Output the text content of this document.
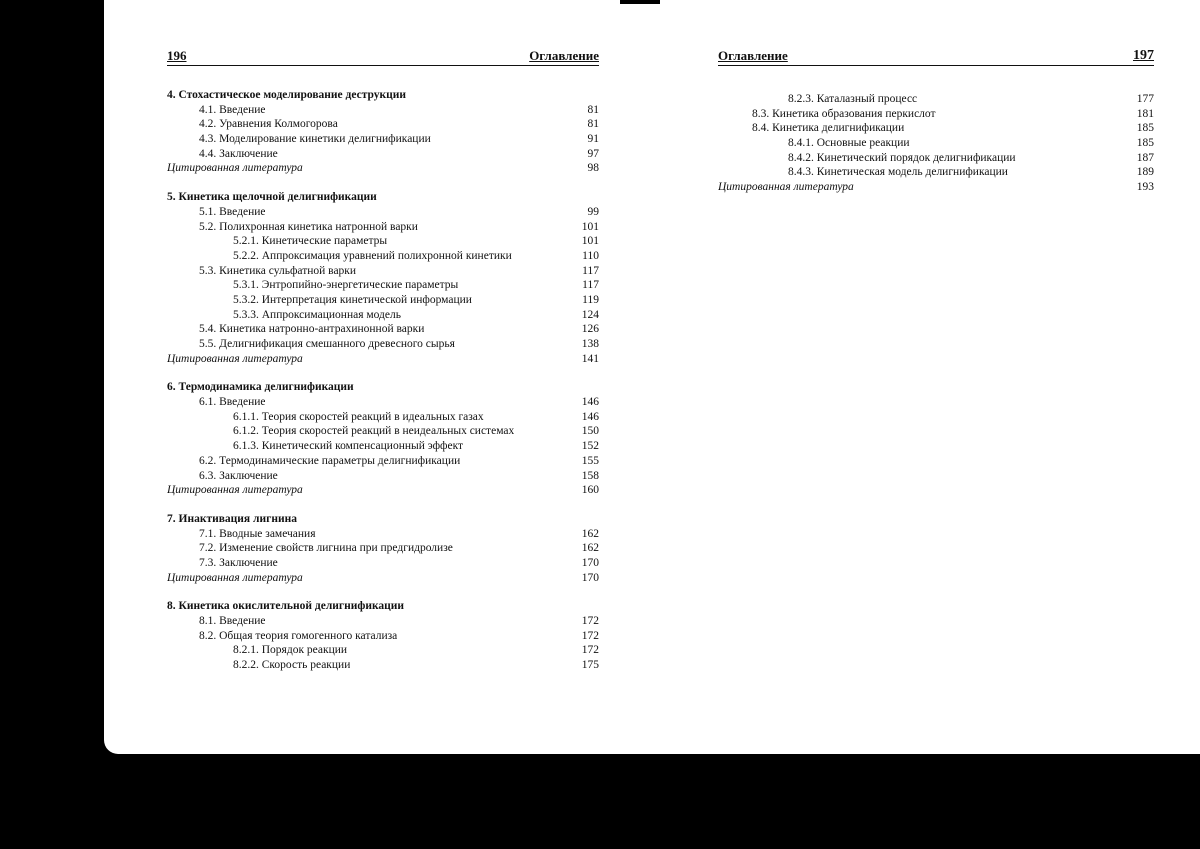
196	Оглавление
4. Стохастическое моделирование деструкции
4.1. Введение	81
4.2. Уравнения Колмогорова	81
4.3. Моделирование кинетики делигнификации	91
4.4. Заключение	97
Цитированная литература	98
5. Кинетика щелочной делигнификации
5.1. Введение	99
5.2. Полихронная кинетика натронной варки	101
5.2.1. Кинетические параметры	101
5.2.2. Аппроксимация уравнений полихронной кинетики	110
5.3. Кинетика сульфатной варки	117
5.3.1. Энтропийно-энергетические параметры	117
5.3.2. Интерпретация кинетической информации	119
5.3.3. Аппроксимационная модель	124
5.4. Кинетика натронно-антрахинонной варки	126
5.5. Делигнификация смешанного древесного сырья	138
Цитированная литература	141
6. Термодинамика делигнификации
6.1. Введение	146
6.1.1. Теория скоростей реакций в идеальных газах	146
6.1.2. Теория скоростей реакций в неидеальных системах	150
6.1.3. Кинетический компенсационный эффект	152
6.2. Термодинамические параметры делигнификации	155
6.3. Заключение	158
Цитированная литература	160
7. Инактивация лигнина
7.1. Вводные замечания	162
7.2. Изменение свойств лигнина при предгидролизе	162
7.3. Заключение	170
Цитированная литература	170
8. Кинетика окислительной делигнификации
8.1. Введение	172
8.2. Общая теория гомогенного катализа	172
8.2.1. Порядок реакции	172
8.2.2. Скорость реакции	175
Оглавление	197
8.2.3. Каталазный процесс	177
8.3. Кинетика образования перкислот	181
8.4. Кинетика делигнификации	185
8.4.1. Основные реакции	185
8.4.2. Кинетический порядок делигнификации	187
8.4.3. Кинетическая модель делигнификации	189
Цитированная литература	193
